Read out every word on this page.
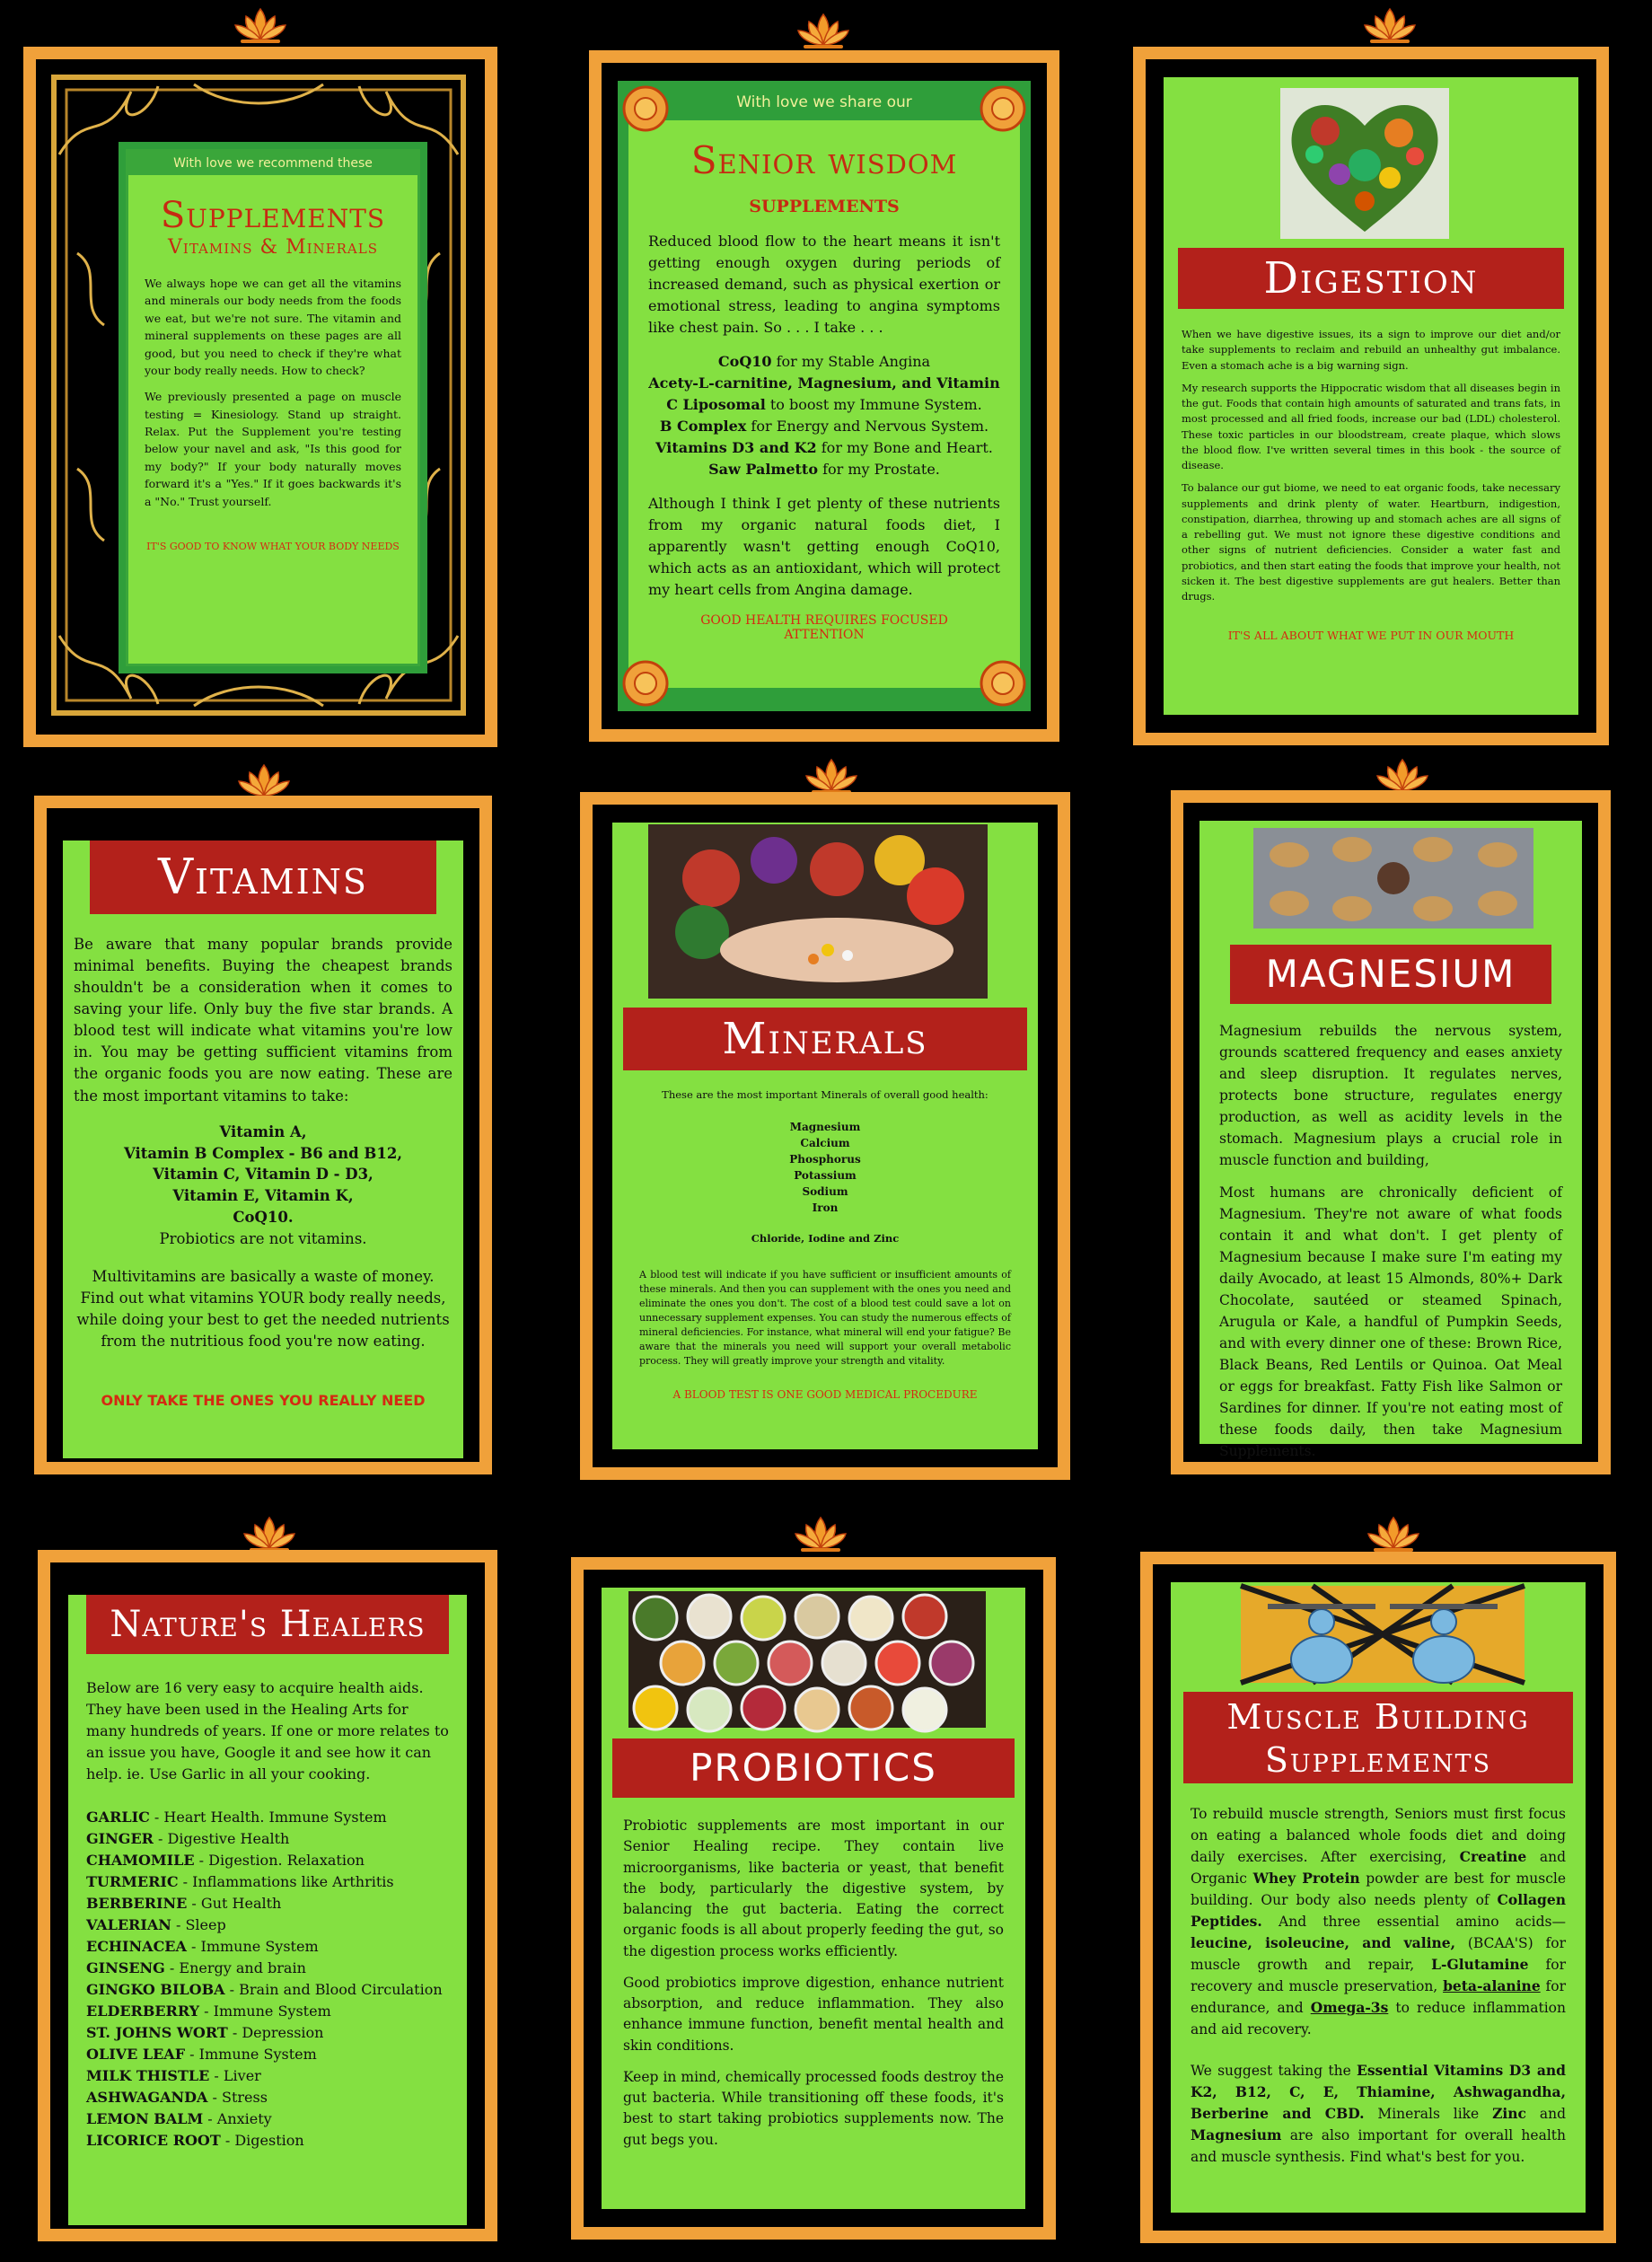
With love we recommend these
Supplements
Vitamins & Minerals
We always hope we can get all the vitamins and minerals our body needs from the foods we eat, but we're not sure. The vitamin and mineral supplements on these pages are all good, but you need to check if they're what your body really needs. How to check?
We previously presented a page on muscle testing = Kinesiology. Stand up straight. Relax. Put the Supplement you're testing below your navel and ask, "Is this good for my body?" If your body naturally moves forward it's a "Yes." If it goes backwards it's a "No." Trust yourself.
IT'S GOOD TO KNOW WHAT YOUR BODY NEEDS
With love we share our
Senior wisdom
SUPPLEMENTS
Reduced blood flow to the heart means it isn't getting enough oxygen during periods of increased demand, such as physical exertion or emotional stress, leading to angina symptoms like chest pain. So . . . I take . . .

CoQ10 for my Stable Angina

Acety-L-carnitine, Magnesium, and Vitamin C Liposomal to boost my Immune System.

B Complex for Energy and Nervous System.

Vitamins D3 and K2 for my Bone and Heart.

Saw Palmetto for my Prostate.

Although I think I get plenty of these nutrients from my organic natural foods diet, I apparently wasn't getting enough CoQ10, which acts as an antioxidant, which will protect my heart cells from Angina damage.
GOOD HEALTH REQUIRES FOCUSED ATTENTION
Digestion
When we have digestive issues, its a sign to improve our diet and/or take supplements to reclaim and rebuild an unhealthy gut imbalance. Even a stomach ache is a big warning sign.
My research supports the Hippocratic wisdom that all diseases begin in the gut. Foods that contain high amounts of saturated and trans fats, in most processed and all fried foods, increase our bad (LDL) cholesterol. These toxic particles in our bloodstream, create plaque, which slows the blood flow. I've written several times in this book - the source of disease.
To balance our gut biome, we need to eat organic foods, take necessary supplements and drink plenty of water. Heartburn, indigestion, constipation, diarrhea, throwing up and stomach aches are all signs of a rebelling gut. We must not ignore these digestive conditions and other signs of nutrient deficiencies. Consider a water fast and probiotics, and then start eating the foods that improve your health, not sicken it. The best digestive supplements are gut healers. Better than drugs.
IT'S ALL ABOUT WHAT WE PUT IN OUR MOUTH
Vitamins
Be aware that many popular brands provide minimal benefits. Buying the cheapest brands shouldn't be a consideration when it comes to saving your life. Only buy the five star brands. A blood test will indicate what vitamins you're low in. You may be getting sufficient vitamins from the organic foods you are now eating. These are the most important vitamins to take:
Vitamin A,
Vitamin B Complex - B6 and B12,
Vitamin C, Vitamin D - D3,
Vitamin E, Vitamin K,
CoQ10.
Probiotics are not vitamins.
Multivitamins are basically a waste of money. Find out what vitamins YOUR body really needs, while doing your best to get the needed nutrients from the nutritious food you're now eating.
ONLY TAKE THE ONES YOU REALLY NEED
Minerals
These are the most important Minerals of overall good health:
Magnesium
Calcium
Phosphorus
Potassium
Sodium
Iron
Chloride, Iodine and Zinc
A blood test will indicate if you have sufficient or insufficient amounts of these minerals. And then you can supplement with the ones you need and eliminate the ones you don't. The cost of a blood test could save a lot on unnecessary supplement expenses. You can study the numerous effects of mineral deficiencies. For instance, what mineral will end your fatigue? Be aware that the minerals you need will support your overall metabolic process. They will greatly improve your strength and vitality.
A BLOOD TEST IS ONE GOOD MEDICAL PROCEDURE
MAGNESIUM
Magnesium rebuilds the nervous system, grounds scattered frequency and eases anxiety and sleep disruption. It regulates nerves, protects bone structure, regulates energy production, as well as acidity levels in the stomach. Magnesium plays a crucial role in muscle function and building,
Most humans are chronically deficient of Magnesium. They're not aware of what foods contain it and what don't. I get plenty of Magnesium because I make sure I'm eating my daily Avocado, at least 15 Almonds, 80%+ Dark Chocolate, sautéed or steamed Spinach, Arugula or Kale, a handful of Pumpkin Seeds, and with every dinner one of these: Brown Rice, Black Beans, Red Lentils or Quinoa. Oat Meal or eggs for breakfast. Fatty Fish like Salmon or Sardines for dinner. If you're not eating most of these foods daily, then take Magnesium Supplements.
Nature's Healers
Below are 16 very easy to acquire health aids. They have been used in the Healing Arts for many hundreds of years. If one or more relates to an issue you have, Google it and see how it can help. ie. Use Garlic in all your cooking.

GARLIC - Heart Health. Immune System

GINGER - Digestive Health

CHAMOMILE - Digestion. Relaxation

TURMERIC - Inflammations like Arthritis

BERBERINE - Gut Health

VALERIAN - Sleep

ECHINACEA - Immune System

GINSENG - Energy and brain

GINGKO BILOBA - Brain and Blood Circulation

ELDERBERRY - Immune System

ST. JOHNS WORT - Depression

OLIVE LEAF - Immune System

MILK THISTLE - Liver

ASHWAGANDA - Stress

LEMON BALM - Anxiety

LICORICE ROOT - Digestion

PROBIOTICS
Probiotic supplements are most important in our Senior Healing recipe. They contain live microorganisms, like bacteria or yeast, that benefit the body, particularly the digestive system, by balancing the gut bacteria. Eating the correct organic foods is all about properly feeding the gut, so the digestion process works efficiently.
Good probiotics improve digestion, enhance nutrient absorption, and reduce inflammation. They also enhance immune function, benefit mental health and skin conditions.
Keep in mind, chemically processed foods destroy the gut bacteria. While transitioning off these foods, it's best to start taking probiotics supplements now. The gut begs you.
Muscle Building
Supplements
To rebuild muscle strength, Seniors must first focus on eating a balanced whole foods diet and doing daily exercises. After exercising, Creatine and Organic Whey Protein powder are best for muscle building. Our body also needs plenty of Collagen Peptides. And three essential amino acids—leucine, isoleucine, and valine, (BCAA'S) for muscle growth and repair, L-Glutamine for recovery and muscle preservation, beta-alanine for endurance, and Omega-3s to reduce inflammation and aid recovery.
We suggest taking the Essential Vitamins D3 and K2, B12, C, E, Thiamine, Ashwagandha, Berberine and CBD. Minerals like Zinc and Magnesium are also important for overall health and muscle synthesis. Find what's best for you.
